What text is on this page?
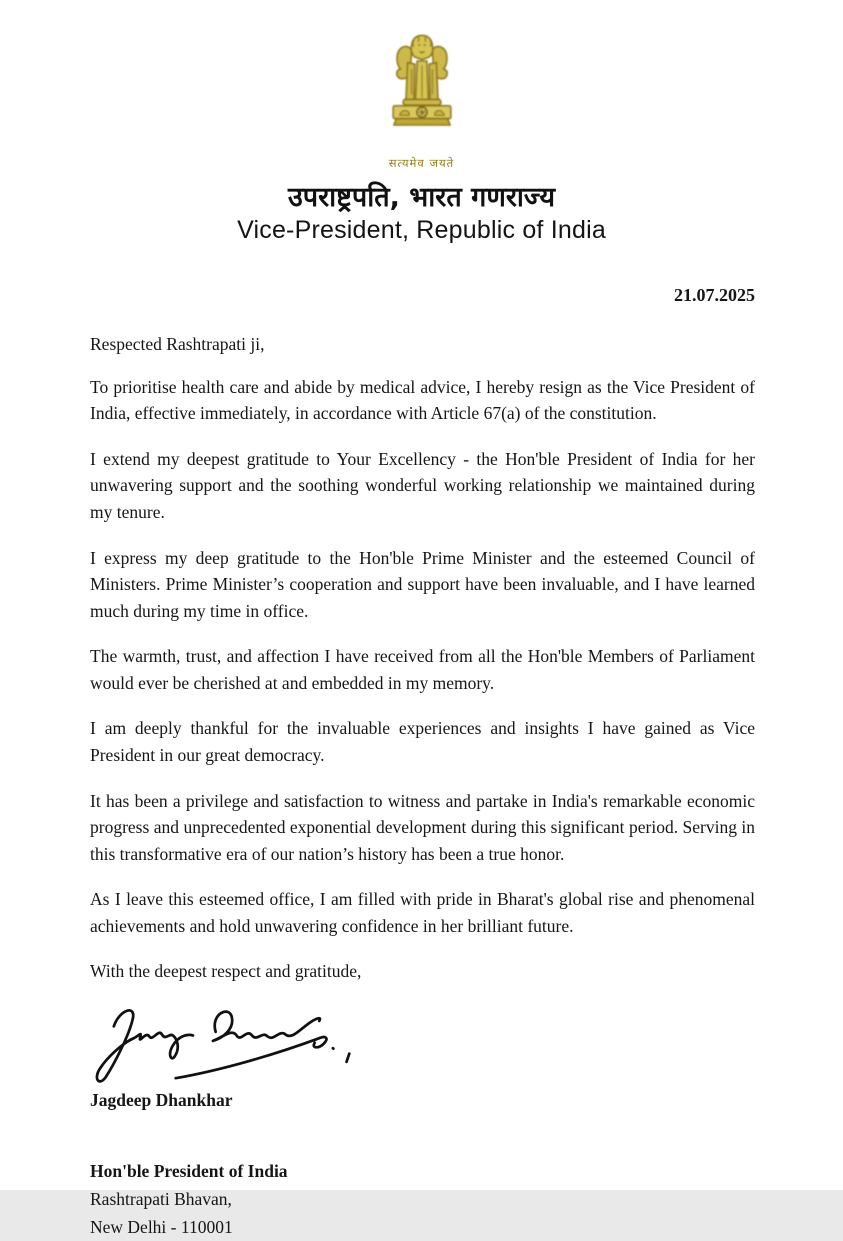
सत्यमेव जयते
उपराष्ट्रपति, भारत गणराज्य
Vice-President, Republic of India
21.07.2025
Respected Rashtrapati ji,

To prioritise health care and abide by medical advice, I hereby resign as the Vice President of India, effective immediately, in accordance with Article 67(a) of the constitution.

I extend my deepest gratitude to Your Excellency - the Hon'ble President of India for her unwavering support and the soothing wonderful working relationship we maintained during my tenure.

I express my deep gratitude to the Hon'ble Prime Minister and the esteemed Council of Ministers. Prime Minister’s cooperation and support have been invaluable, and I have learned much during my time in office.

The warmth, trust, and affection I have received from all the Hon'ble Members of Parliament would ever be cherished at and embedded in my memory.

I am deeply thankful for the invaluable experiences and insights I have gained as Vice President in our great democracy.

It has been a privilege and satisfaction to witness and partake in India's remarkable economic progress and unprecedented exponential development during this significant period. Serving in this transformative era of our nation’s history has been a true honor.

As I leave this esteemed office, I am filled with pride in Bharat's global rise and phenomenal achievements and hold unwavering confidence in her brilliant future.

With the deepest respect and gratitude,
Jagdeep Dhankhar
Hon'ble President of India
Rashtrapati Bhavan,
New Delhi - 110001
